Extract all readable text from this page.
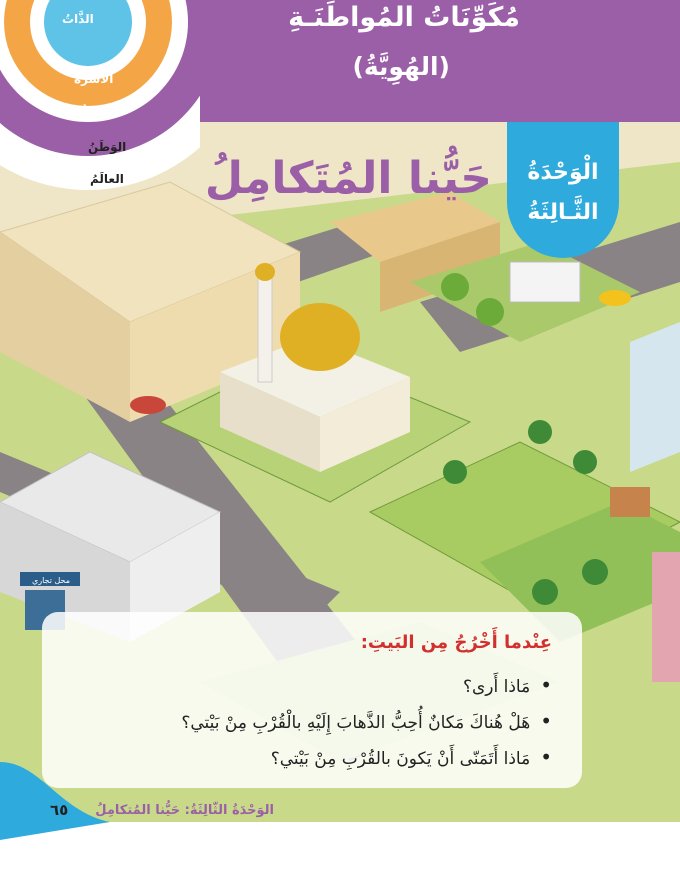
محل تجاري
مُكَوِّنَاتُ المُواطَنَـةِ
(الهُوِيَّةُ)
الذَّاتُ
الأُسْرَةُ
الحَيُّ
الوَطَنُ
العالَمُ	الْوَحْدَةُ
الثَّـالِثَةُ
حَيُّنا المُتَكامِلُ
عِنْدما أَخْرُجُ مِن البَيتِ:
• مَاذا أَرى؟
• هَلْ هُناكَ مَكانٌ أُحِبُّ الذَّهابَ إِلَيْهِ بالْقُرْبِ مِنْ بَيْتي؟
• مَاذا أَتَمَنّى أَنْ يَكونَ بالقُرْبِ مِنْ بَيْتي؟
الوَحْدَةُ الثّالِثَةُ: حَيُّنا المُتكامِلُ
٦٥
